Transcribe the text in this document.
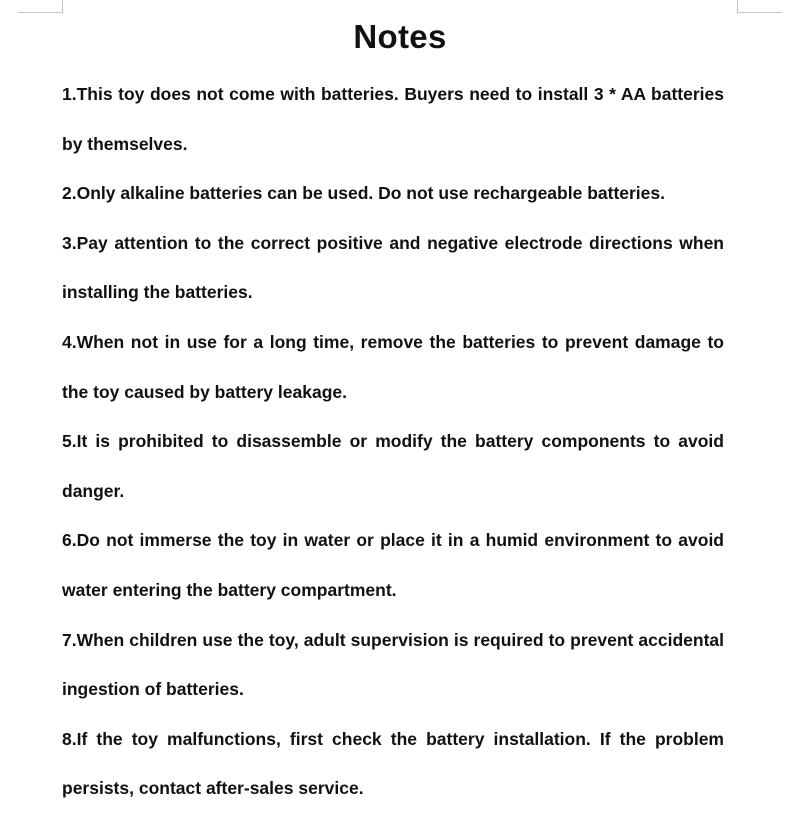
Notes

1.This toy does not come with batteries. Buyers need to install 3 * AA batteries by themselves.

2.Only alkaline batteries can be used. Do not use rechargeable batteries.

3.Pay attention to the correct positive and negative electrode directions when installing the batteries.

4.When not in use for a long time, remove the batteries to prevent damage to the toy caused by battery leakage.

5.It is prohibited to disassemble or modify the battery components to avoid danger.

6.Do not immerse the toy in water or place it in a humid environment to avoid water entering the battery compartment.

7.When children use the toy, adult supervision is required to prevent accidental ingestion of batteries.

8.If the toy malfunctions, first check the battery installation. If the problem persists, contact after-sales service.
